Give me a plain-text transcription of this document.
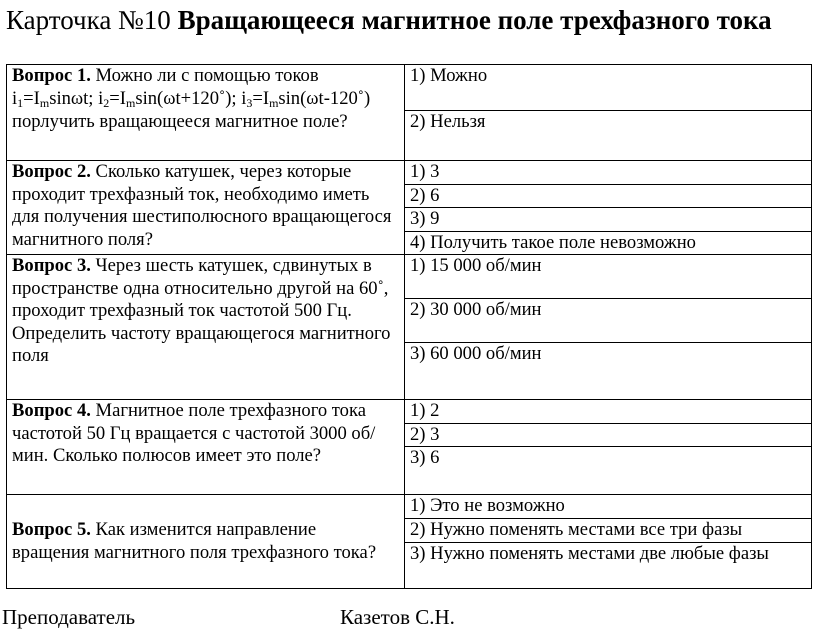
Карточка №10 Вращающееся магнитное поле трехфазного тока
Вопрос 1. Можно ли с помощью токов $i_1=I_m\sin\omega t$; $i_2=I_m\sin(\omega t+120˚)$; $i_3=I_m\sin(\omega t-120˚)$ порлучить вращающееся магнитное поле?	1) Можно
	2) Нельзя
Вопрос 2. Сколько катушек, через которые проходит трехфазный ток, необходимо иметь для получения шестиполюсного вращающегося магнитного поля?	1) 3
	2) 6
	3) 9
	4) Получить такое поле невозможно
Вопрос 3. Через шесть катушек, сдвинутых в пространстве одна относительно другой на 60˚, проходит трехфазный ток частотой 500 Гц. Определить частоту вращающегося магнитного поля	1) 15 000 об/мин
	2) 30 000 об/мин
	3) 60 000 об/мин
Вопрос 4. Магнитное поле трехфазного тока частотой 50 Гц вращается с частотой 3000 об/мин. Сколько полюсов имеет это поле?	1) 2
	2) 3
	3) 6
Вопрос 5. Как изменится направление вращения магнитного поля трехфазного тока?	1) Это не возможно
	2) Нужно поменять местами все три фазы
	3) Нужно поменять местами две любые фазы
Преподаватель	Казетов С.Н.
